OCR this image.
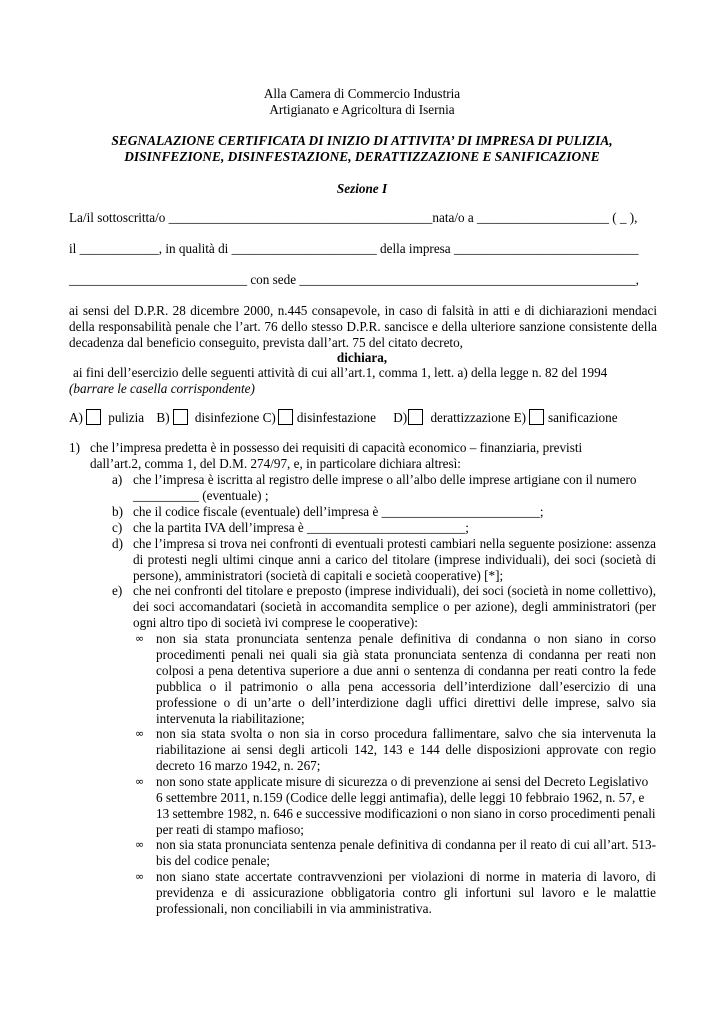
Alla Camera di Commercio Industria
Artigianato e Agricoltura di Isernia
SEGNALAZIONE CERTIFICATA DI INIZIO DI ATTIVITA’ DI IMPRESA DI PULIZIA,
DISINFEZIONE, DISINFESTAZIONE, DERATTIZZAZIONE E SANIFICAZIONE
Sezione I
La/il sottoscritta/o ________________________________________nata/o a ____________________ ( _ ),
il ____________, in qualità di ______________________ della impresa ____________________________
___________________________ con sede ___________________________________________________,
ai sensi del D.P.R. 28 dicembre 2000, n.445 consapevole, in caso di falsità in atti e di dichiarazioni mendaci della responsabilità penale che l’art. 76 dello stesso D.P.R. sancisce e della ulteriore sanzione consistente della decadenza dal beneficio conseguito, prevista dall’art. 75 del citato decreto,
dichiara,
ai fini dell’esercizio delle seguenti attività di cui all’art.1, comma 1, lett. a) della legge n. 82 del 1994
(barrare le casella corrispondente)
A) pulizia B) disinfezione C) disinfestazione D) derattizzazione E) sanificazione
1) che l’impresa predetta è in possesso dei requisiti di capacità economico – finanziaria, previsti
dall’art.2, comma 1, del D.M. 274/97, e, in particolare dichiara altresì:
a) che l’impresa è iscritta al registro delle imprese o all’albo delle imprese artigiane con il numero __________ (eventuale) ;
b) che il codice fiscale (eventuale) dell’impresa è ________________________;
c) che la partita IVA dell’impresa è ________________________;
d) che l’impresa si trova nei confronti di eventuali protesti cambiari nella seguente posizione: assenza di protesti negli ultimi cinque anni a carico del titolare (imprese individuali), dei soci (società di persone), amministratori (società di capitali e società cooperative) [*];
e) che nei confronti del titolare e preposto (imprese individuali), dei soci (società in nome collettivo), dei soci accomandatari (società in accomandita semplice o per azione), degli amministratori (per ogni altro tipo di società ivi comprese le cooperative):
∞ non sia stata pronunciata sentenza penale definitiva di condanna o non siano in corso procedimenti penali nei quali sia già stata pronunciata sentenza di condanna per reati non colposi a pena detentiva superiore a due anni o sentenza di condanna per reati contro la fede pubblica o il patrimonio o alla pena accessoria dell’interdizione dall’esercizio di una professione o di un’arte o dell’interdizione dagli uffici direttivi delle imprese, salvo sia intervenuta la riabilitazione;
∞ non sia stata svolta o non sia in corso procedura fallimentare, salvo che sia intervenuta la riabilitazione ai sensi degli articoli 142, 143 e 144 delle disposizioni approvate con regio decreto 16 marzo 1942, n. 267;
∞ non sono state applicate misure di sicurezza o di prevenzione ai sensi del Decreto Legislativo 6 settembre 2011, n.159 (Codice delle leggi antimafia), delle leggi 10 febbraio 1962, n. 57, e 13 settembre 1982, n. 646 e successive modificazioni o non siano in corso procedimenti penali per reati di stampo mafioso;
∞ non sia stata pronunciata sentenza penale definitiva di condanna per il reato di cui all’art. 513-bis del codice penale;
∞ non siano state accertate contravvenzioni per violazioni di norme in materia di lavoro, di previdenza e di assicurazione obbligatoria contro gli infortuni sul lavoro e le malattie professionali, non conciliabili in via amministrativa.
